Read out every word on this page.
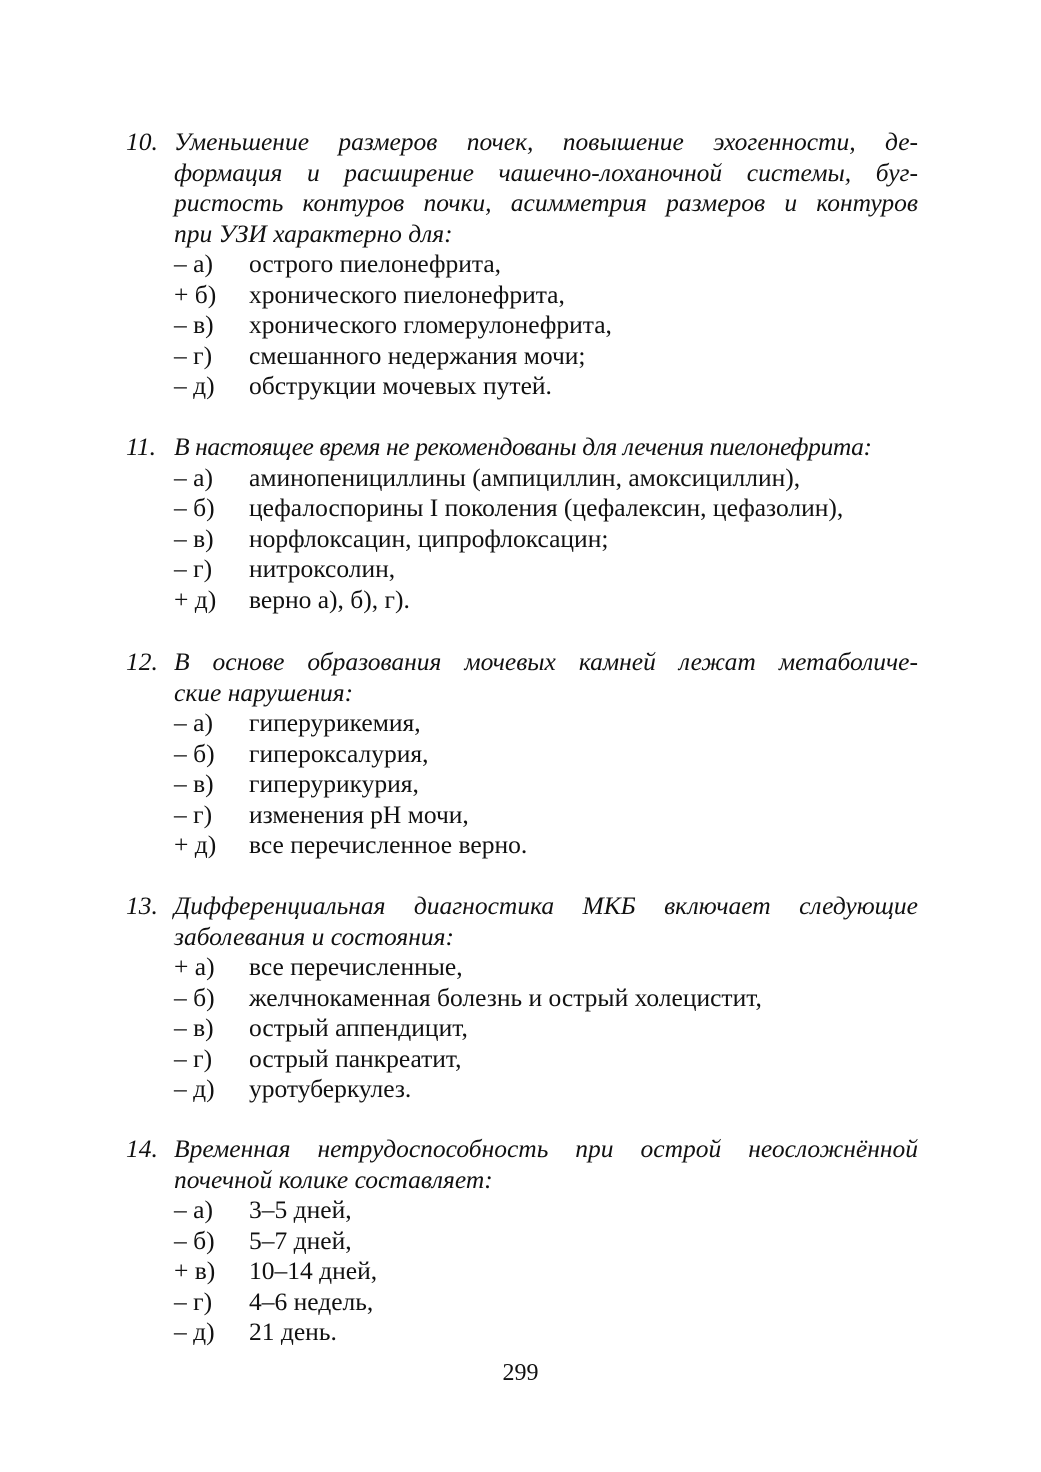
10. Уменьшение размеров почек, повышение эхогенности, де-
формация и расширение чашечно-лоханочной системы, буг-
ристость контуров почки, асимметрия размеров и контуров
при УЗИ характерно для:
– а) острого пиелонефрита,
+ б) хронического пиелонефрита,
– в) хронического гломерулонефрита,
– г) смешанного недержания мочи;
– д) обструкции мочевых путей.
11. В настоящее время не рекомендованы для лечения пиелонефрита:
– а) аминопенициллины (ампициллин, амоксициллин),
– б) цефалоспорины I поколения (цефалексин, цефазолин),
– в) норфлоксацин, ципрофлоксацин;
– г) нитроксолин,
+ д) верно а), б), г).
12. В основе образования мочевых камней лежат метаболиче-
ские нарушения:
– а) гиперурикемия,
– б) гипероксалурия,
– в) гиперурикурия,
– г) изменения pH мочи,
+ д) все перечисленное верно.
13. Дифференциальная диагностика МКБ включает следующие
заболевания и состояния:
+ а) все перечисленные,
– б) желчнокаменная болезнь и острый холецистит,
– в) острый аппендицит,
– г) острый панкреатит,
– д) уротуберкулез.
14. Временная нетрудоспособность при острой неосложнённой
почечной колике составляет:
– а) 3–5 дней,
– б) 5–7 дней,
+ в) 10–14 дней,
– г) 4–6 недель,
– д) 21 день.
299
